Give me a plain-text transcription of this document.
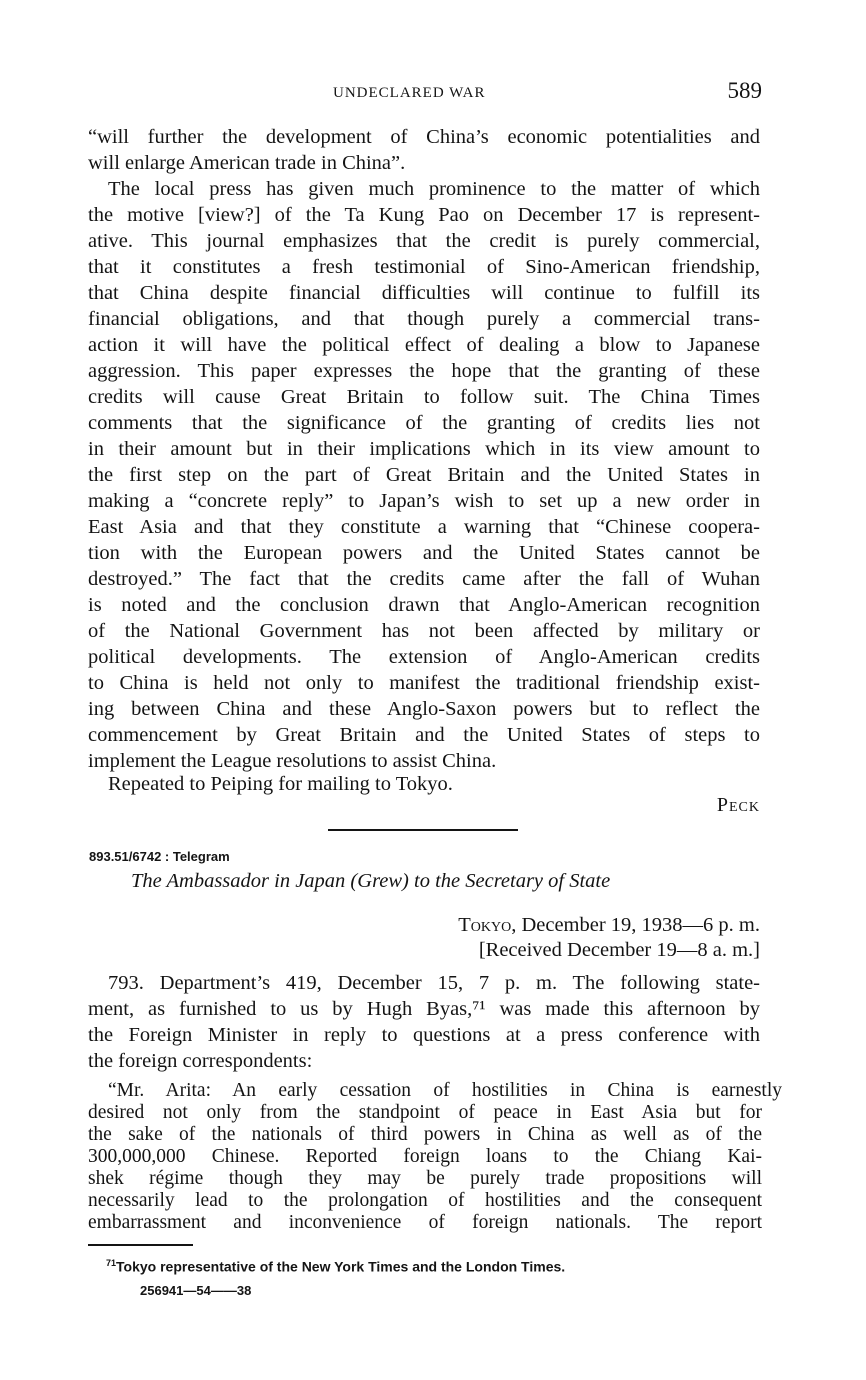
UNDECLARED WAR	589
“will further the development of China’s economic potentialities and
will enlarge American trade in China”.
The local press has given much prominence to the matter of which
the motive [view?] of the Ta Kung Pao on December 17 is represent-
ative. This journal emphasizes that the credit is purely commercial,
that it constitutes a fresh testimonial of Sino-American friendship,
that China despite financial difficulties will continue to fulfill its
financial obligations, and that though purely a commercial trans-
action it will have the political effect of dealing a blow to Japanese
aggression. This paper expresses the hope that the granting of these
credits will cause Great Britain to follow suit. The China Times
comments that the significance of the granting of credits lies not
in their amount but in their implications which in its view amount to
the first step on the part of Great Britain and the United States in
making a “concrete reply” to Japan’s wish to set up a new order in
East Asia and that they constitute a warning that “Chinese coopera-
tion with the European powers and the United States cannot be
destroyed.” The fact that the credits came after the fall of Wuhan
is noted and the conclusion drawn that Anglo-American recognition
of the National Government has not been affected by military or
political developments. The extension of Anglo-American credits
to China is held not only to manifest the traditional friendship exist-
ing between China and these Anglo-Saxon powers but to reflect the
commencement by Great Britain and the United States of steps to
implement the League resolutions to assist China.
Repeated to Peiping for mailing to Tokyo.
Peck
893.51/6742 : Telegram
The Ambassador in Japan (Grew) to the Secretary of State
Tokyo, December 19, 1938—6 p. m.
[Received December 19—8 a. m.]
793. Department’s 419, December 15, 7 p. m. The following state-
ment, as furnished to us by Hugh Byas,⁷¹ was made this afternoon by
the Foreign Minister in reply to questions at a press conference with
the foreign correspondents:
“Mr. Arita: An early cessation of hostilities in China is earnestly
desired not only from the standpoint of peace in East Asia but for
the sake of the nationals of third powers in China as well as of the
300,000,000 Chinese. Reported foreign loans to the Chiang Kai-
shek régime though they may be purely trade propositions will
necessarily lead to the prolongation of hostilities and the consequent
embarrassment and inconvenience of foreign nationals. The report
$^{71}$Tokyo representative of the New York Times and the London Times.
256941—54——38
